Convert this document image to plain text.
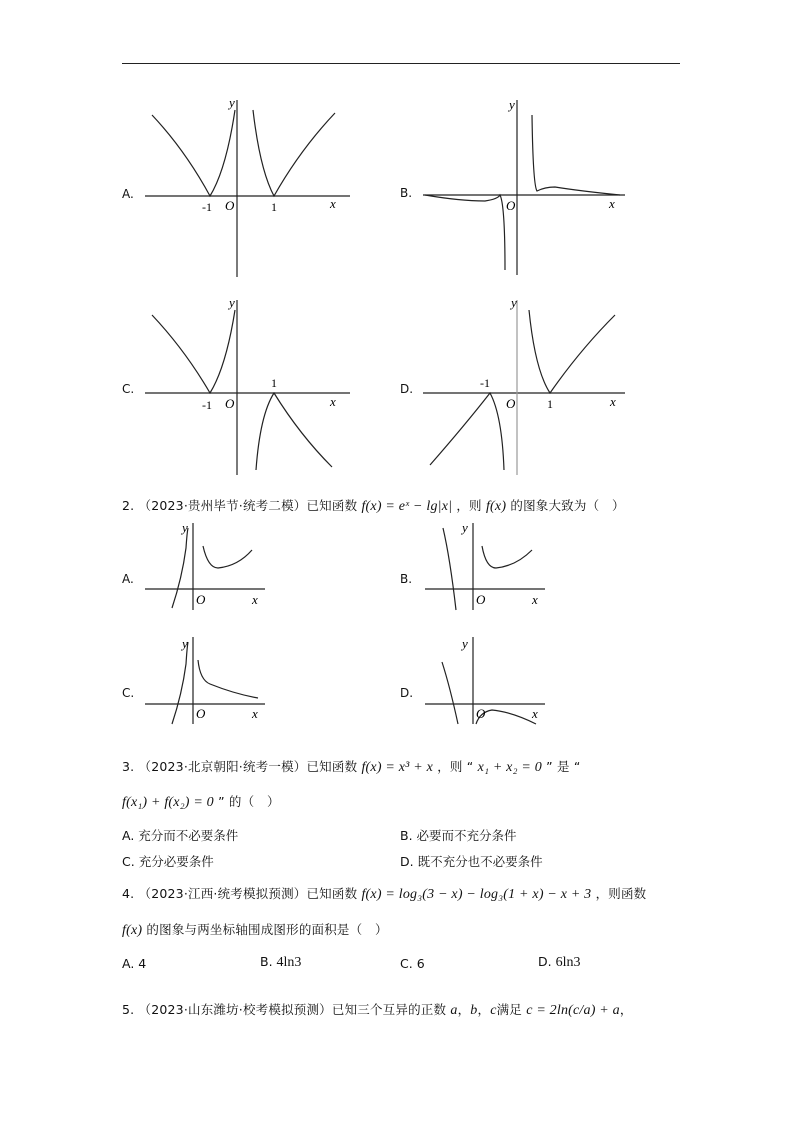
A.
y
x
O
-1	1
B.
y
x
O
C.
y
x
O
-1
1	D.
y
x
O
-1
1
2. （2023·贵州毕节·统考二模）已知函数 f(x) = eˣ − lg|x| ，则 f(x) 的图象大致为（　）
A.
y
x
O
B.
y
x
O
C.
y
x
O
D.
y
x
O
3. （2023·北京朝阳·统考一模）已知函数 f(x) = x³ + x ，则 “ x₁ + x₂ = 0 ” 是 “
f(x₁) + f(x₂) = 0 ” 的（　）
A. 充分而不必要条件	B. 必要而不充分条件
C. 充分必要条件	D. 既不充分也不必要条件
4. （2023·江西·统考模拟预测）已知函数 f(x) = log₃(3 − x) − log₃(1 + x) − x + 3 ，则函数
f(x) 的图象与两坐标轴围成图形的面积是（　）
A. 4	B. 4ln3	C. 6	D. 6ln3
5. （2023·山东潍坊·校考模拟预测）已知三个互异的正数 a，b，c满足 c = 2ln(c/a) + a，
